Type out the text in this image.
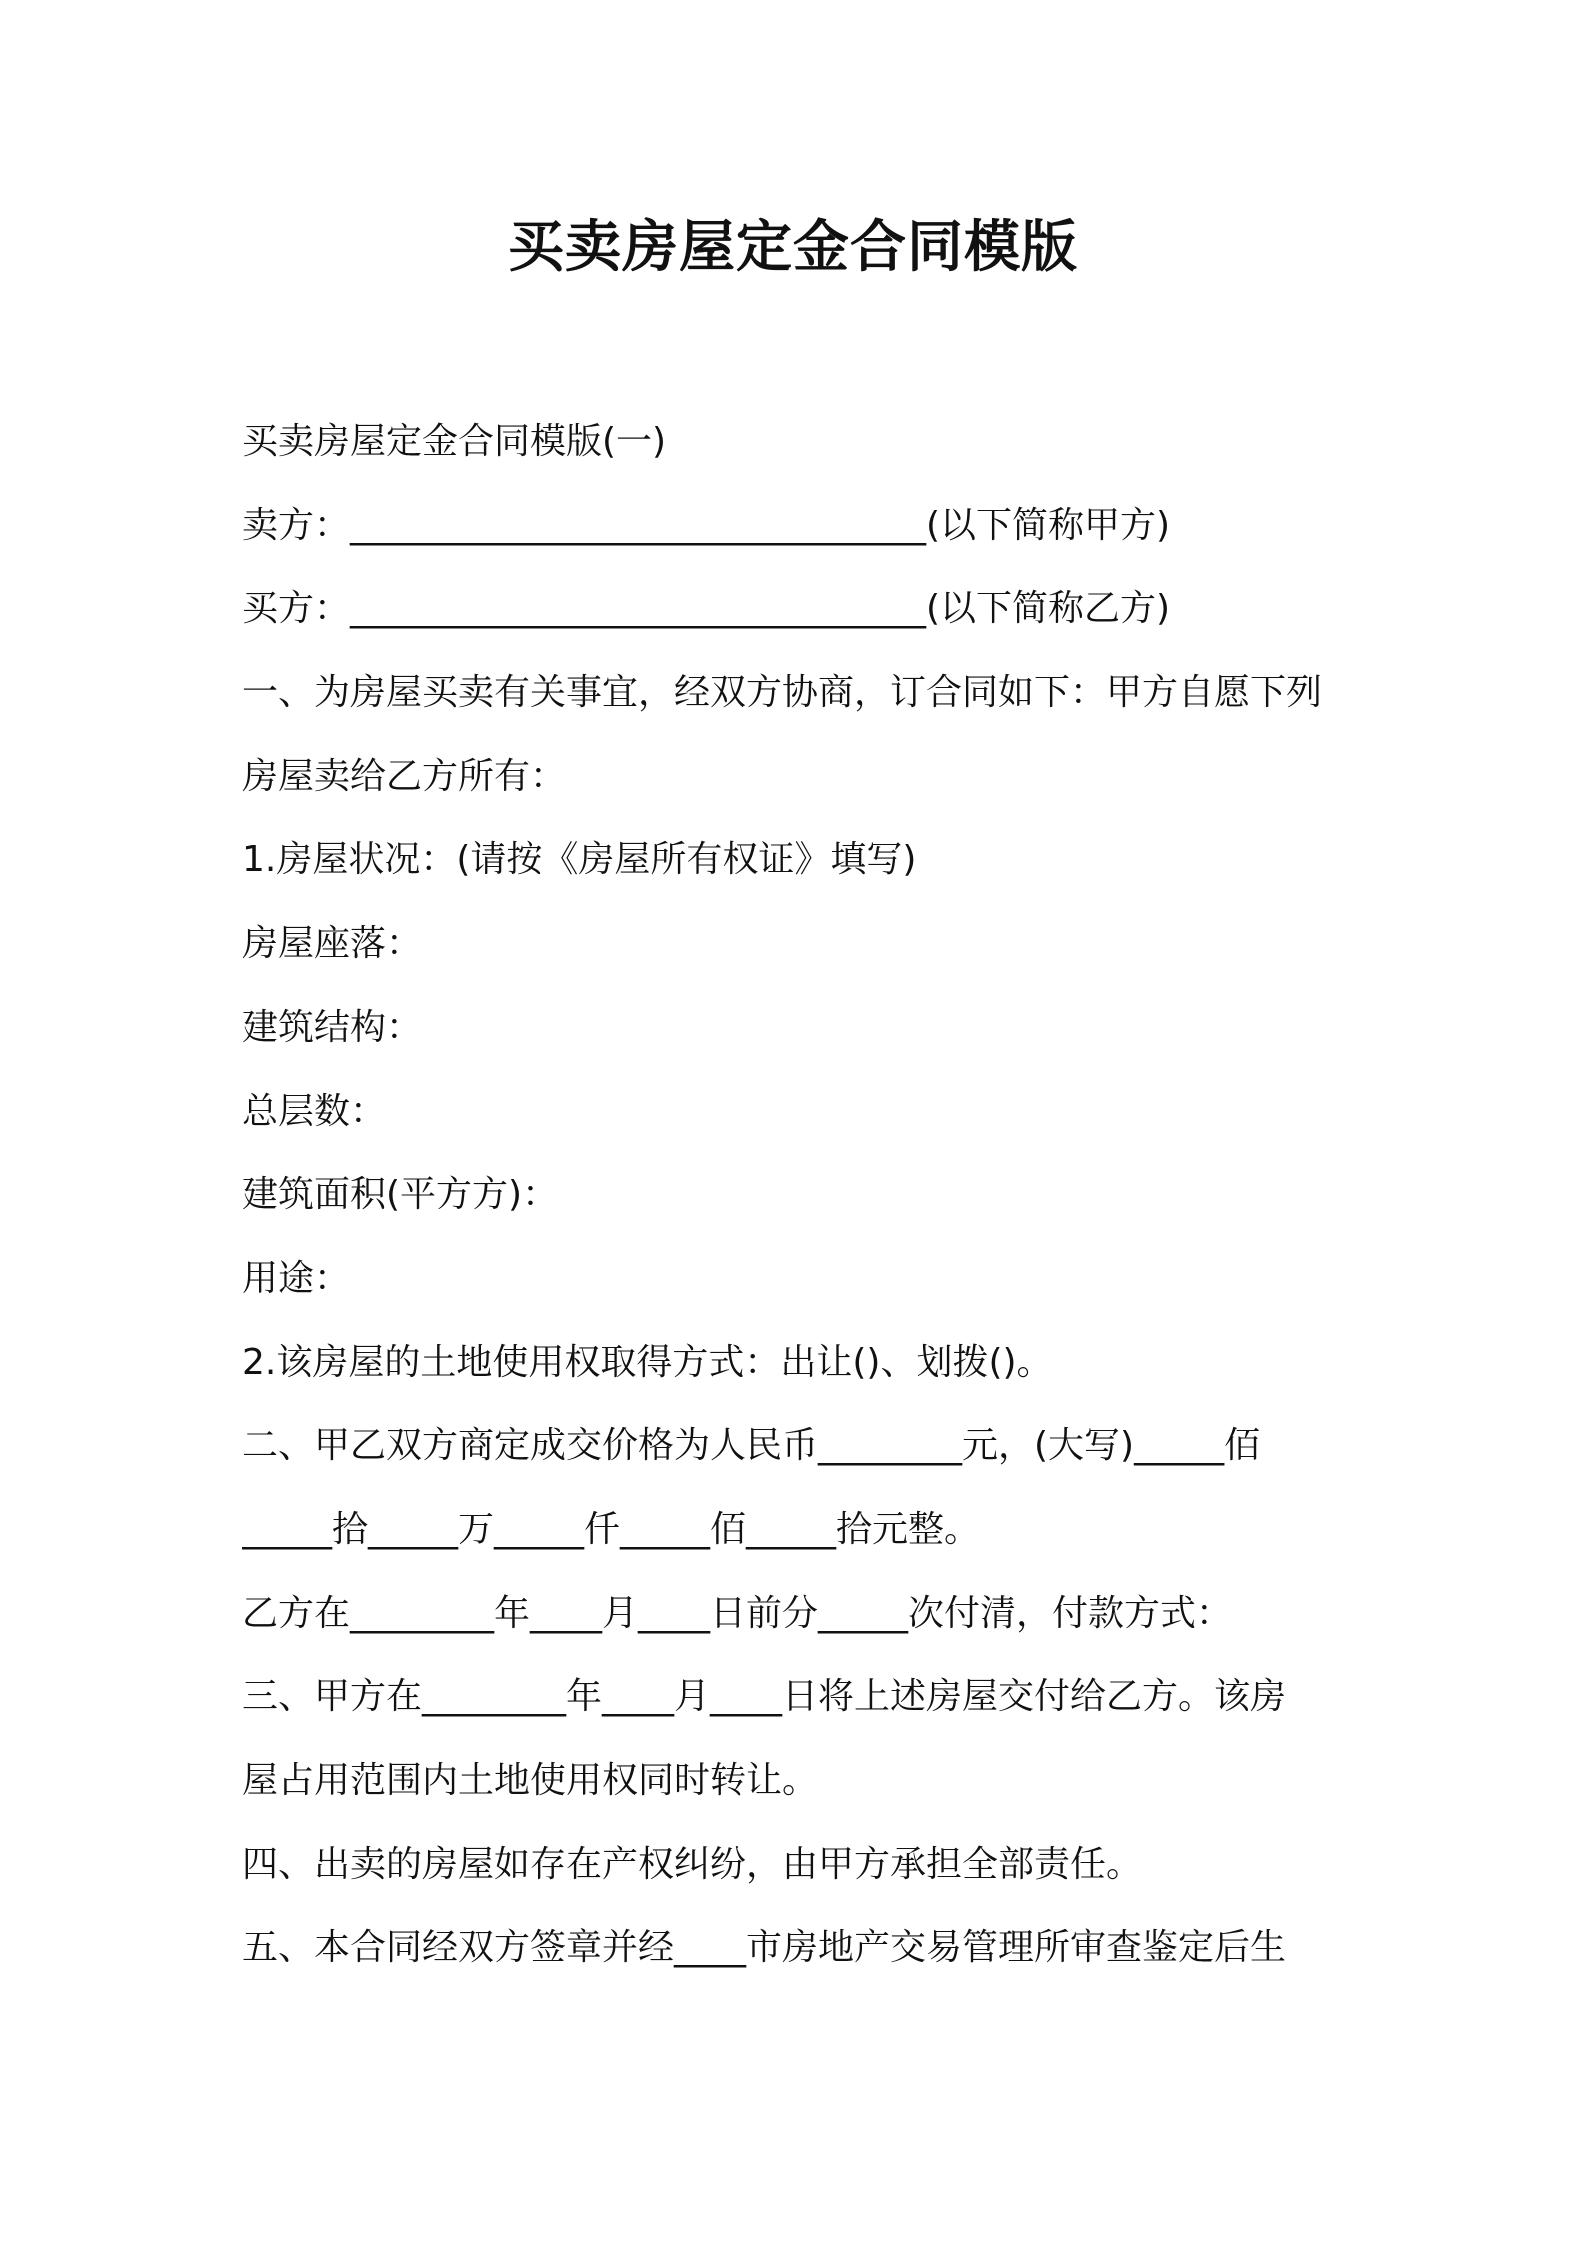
买卖房屋定金合同模版
买卖房屋定金合同模版(一)
卖方：________________________________(以下简称甲方)
买方：________________________________(以下简称乙方)
一、为房屋买卖有关事宜，经双方协商，订合同如下：甲方自愿下列
房屋卖给乙方所有：
1.房屋状况：(请按《房屋所有权证》填写)
房屋座落：
建筑结构：
总层数：
建筑面积(平方方)：
用途：
2.该房屋的土地使用权取得方式：出让()、划拨()。
二、甲乙双方商定成交价格为人民币________元，(大写)_____佰
_____拾_____万_____仟_____佰_____拾元整。
乙方在________年____月____日前分_____次付清，付款方式：
三、甲方在________年____月____日将上述房屋交付给乙方。该房
屋占用范围内土地使用权同时转让。
四、出卖的房屋如存在产权纠纷，由甲方承担全部责任。
五、本合同经双方签章并经____市房地产交易管理所审查鉴定后生
